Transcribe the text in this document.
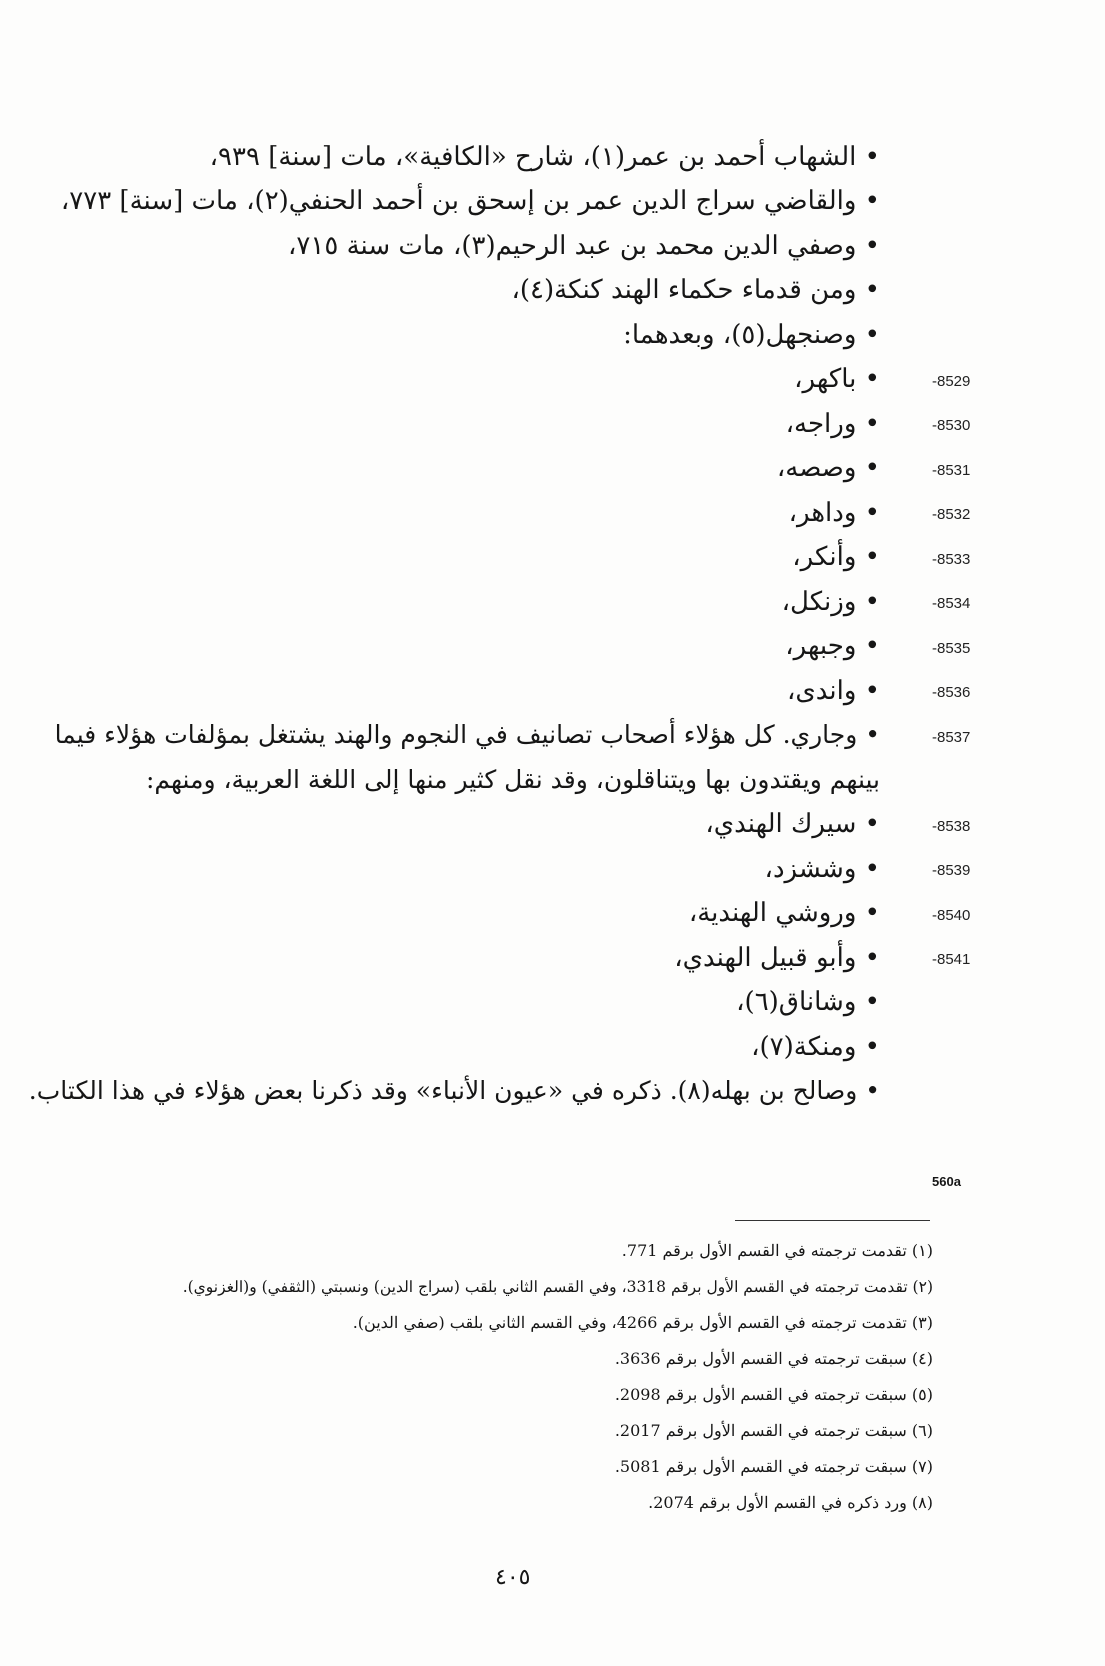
• الشهاب أحمد بن عمر(١)، شارح «الكافية»، مات [سنة] ٩٣٩،
• والقاضي سراج الدين عمر بن إسحق بن أحمد الحنفي(٢)، مات [سنة] ٧٧٣،
• وصفي الدين محمد بن عبد الرحيم(٣)، مات سنة ٧١٥،
• ومن قدماء حكماء الهند كنكة(٤)،
• وصنجهل(٥)، وبعدهما:
• باكهر،	-8529
• وراجه،	-8530
• وصصه،	-8531
• وداهر،	-8532
• وأنكر،	-8533
• وزنكل،	-8534
• وجبهر،	-8535
• واندى،	-8536
• وجاري. كل هؤلاء أصحاب تصانيف في النجوم والهند يشتغل بمؤلفات هؤلاء فيما	-8537
بينهم ويقتدون بها ويتناقلون، وقد نقل كثير منها إلى اللغة العربية، ومنهم:
• سيرك الهندي،	-8538
• وششزد،	-8539
• وروشي الهندية،	-8540
• وأبو قبيل الهندي،	-8541
• وشاناق(٦)،
• ومنكة(٧)،
• وصالح بن بهله(٨). ذكره في «عيون الأنباء» وقد ذكرنا بعض هؤلاء في هذا الكتاب.
560a
(١) تقدمت ترجمته في القسم الأول برقم 771.
(٢) تقدمت ترجمته في القسم الأول برقم 3318، وفي القسم الثاني بلقب (سراج الدين) ونسبتي (الثقفي) و(الغزنوي).
(٣) تقدمت ترجمته في القسم الأول برقم 4266، وفي القسم الثاني بلقب (صفي الدين).
(٤) سبقت ترجمته في القسم الأول برقم 3636.
(٥) سبقت ترجمته في القسم الأول برقم 2098.
(٦) سبقت ترجمته في القسم الأول برقم 2017.
(٧) سبقت ترجمته في القسم الأول برقم 5081.
(٨) ورد ذكره في القسم الأول برقم 2074.
٤٠٥
